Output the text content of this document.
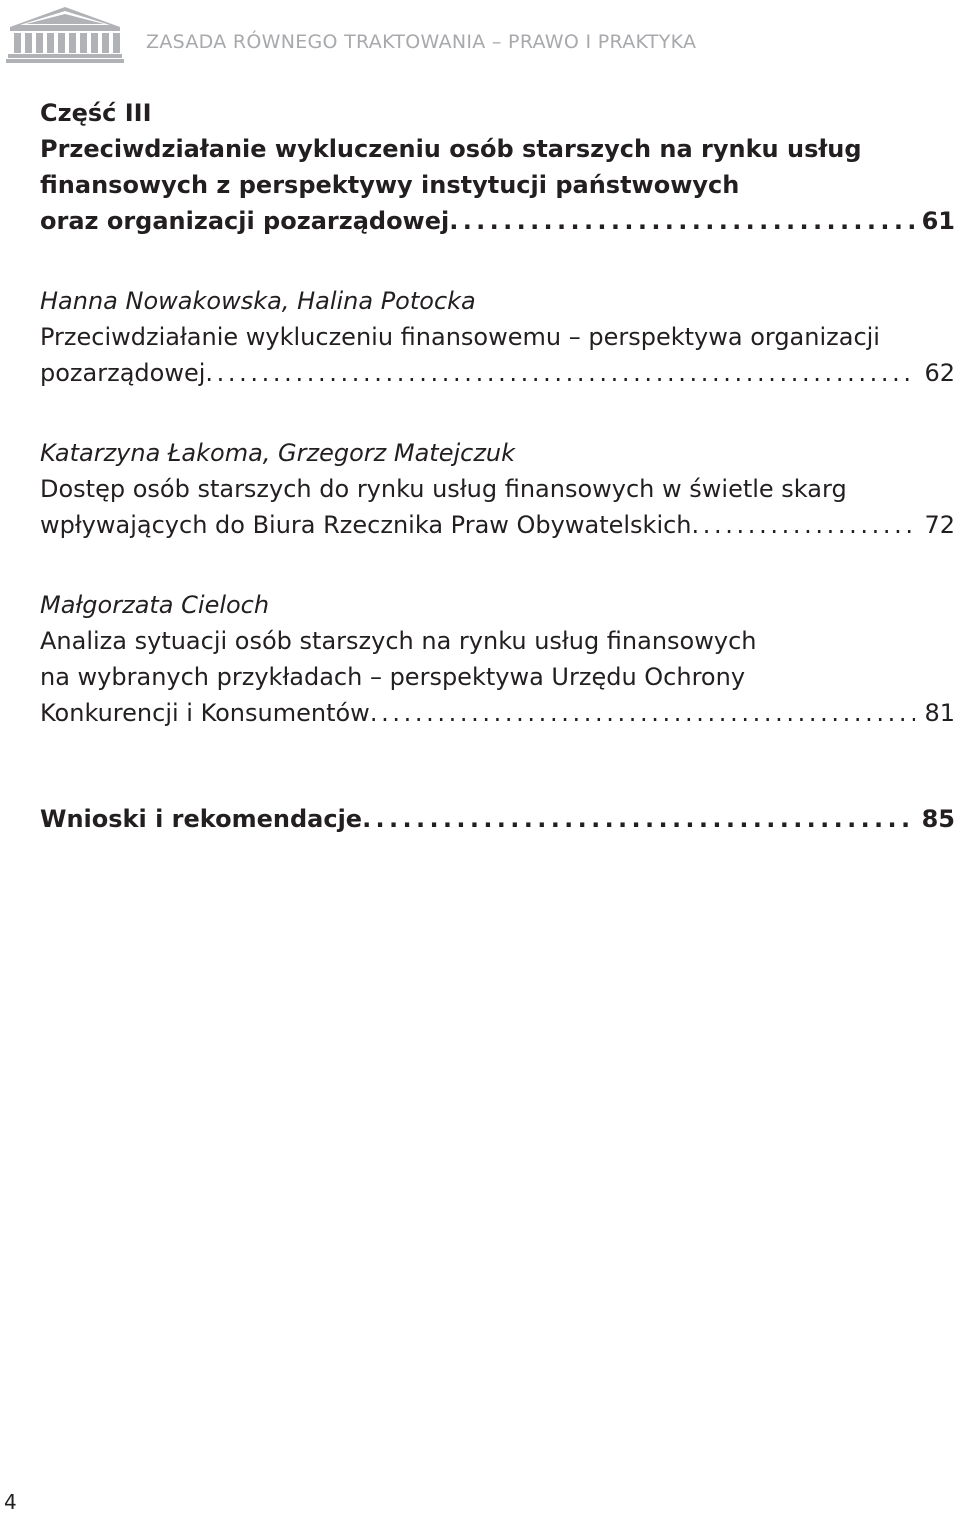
ZASADA RÓWNEGO TRAKTOWANIA – PRAWO I PRAKTYKA
Część III
Przeciwdziałanie wykluczeniu osób starszych na rynku usług
finansowych z perspektywy instytucji państwowych
oraz organizacji pozarządowej . . .	61
Hanna Nowakowska, Halina Potocka
Przeciwdziałanie wykluczeniu finansowemu – perspektywa organizacji
pozarządowej . . .	62
Katarzyna Łakoma, Grzegorz Matejczuk
Dostęp osób starszych do rynku usług finansowych w świetle skarg
wpływających do Biura Rzecznika Praw Obywatelskich . . .	72
Małgorzata Cieloch
Analiza sytuacji osób starszych na rynku usług finansowych
na wybranych przykładach – perspektywa Urzędu Ochrony
Konkurencji i Konsumentów . . .	81
Wnioski i rekomendacje . . .	85
4
